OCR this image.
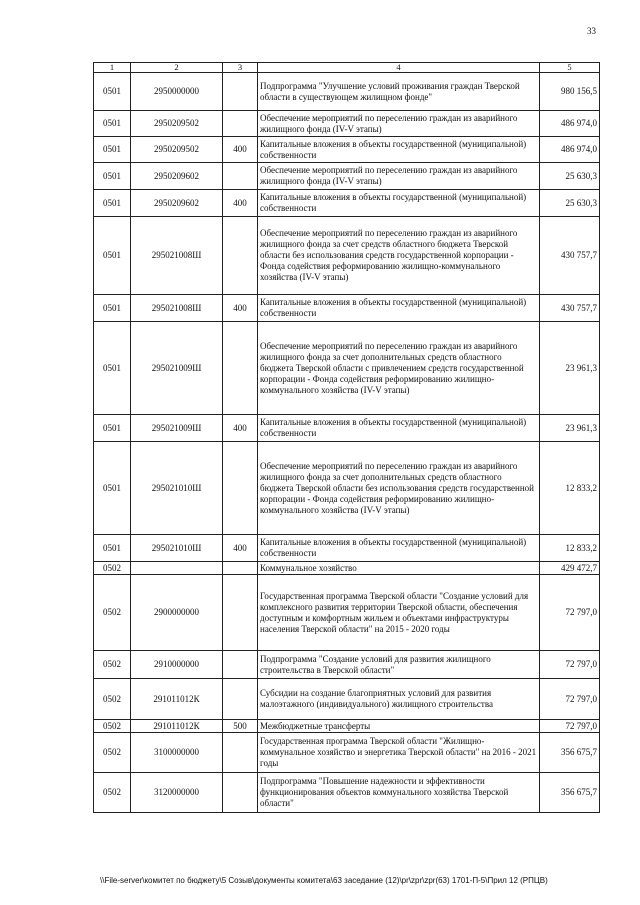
33
1	2	3	4	5
0501	2950000000		Подпрограмма "Улучшение условий проживания граждан Тверской области в существующем жилищном фонде"	980 156,5
0501	2950209502		Обеспечение мероприятий по переселению граждан из аварийного жилищного фонда (IV-V этапы)	486 974,0
0501	2950209502	400	Капитальные вложения в объекты государственной (муниципальной) собственности	486 974,0
0501	2950209602		Обеспечение мероприятий по переселению граждан из аварийного жилищного фонда (IV-V этапы)	25 630,3
0501	2950209602	400	Капитальные вложения в объекты государственной (муниципальной) собственности	25 630,3
0501	295021008Ш		Обеспечение мероприятий по переселению граждан из аварийного жилищного фонда за счет средств областного бюджета Тверской области без использования средств государственной корпорации - Фонда содействия реформированию жилищно-коммунального хозяйства (IV-V этапы)	430 757,7
0501	295021008Ш	400	Капитальные вложения в объекты государственной (муниципальной) собственности	430 757,7
0501	295021009Ш		Обеспечение мероприятий по переселению граждан из аварийного жилищного фонда за счет дополнительных средств областного бюджета Тверской области с привлечением средств государственной корпорации - Фонда содействия реформированию жилищно-коммунального хозяйства (IV-V этапы)	23 961,3
0501	295021009Ш	400	Капитальные вложения в объекты государственной (муниципальной) собственности	23 961,3
0501	295021010Ш		Обеспечение мероприятий по переселению граждан из аварийного жилищного фонда за счет дополнительных средств областного бюджета Тверской области без использования средств государственной корпорации - Фонда содействия реформированию жилищно-коммунального хозяйства (IV-V этапы)	12 833,2
0501	295021010Ш	400	Капитальные вложения в объекты государственной (муниципальной) собственности	12 833,2
0502			Коммунальное хозяйство	429 472,7
0502	2900000000		Государственная программа Тверской области "Создание условий для комплексного развития территории Тверской области, обеспечения доступным и комфортным жильем и объектами инфраструктуры населения Тверской области" на 2015 - 2020 годы	72 797,0
0502	2910000000		Подпрограмма "Создание условий для развития жилищного строительства в Тверской области"	72 797,0
0502	291011012К		Субсидии на создание благоприятных условий для развития малоэтажного (индивидуального) жилищного строительства	72 797,0
0502	291011012К	500	Межбюджетные трансферты	72 797,0
0502	3100000000		Государственная программа Тверской области "Жилищно-коммунальное хозяйство и энергетика Тверской области" на 2016 - 2021 годы	356 675,7
0502	3120000000		Подпрограмма "Повышение надежности и эффективности функционирования объектов коммунального хозяйства Тверской области"	356 675,7
\\File-server\комитет по бюджету\5 Созыв\документы комитета\63 заседание (12)\pr\zpr\zpr(63) 1701-П-5\Прил 12 (РПЦВ)
